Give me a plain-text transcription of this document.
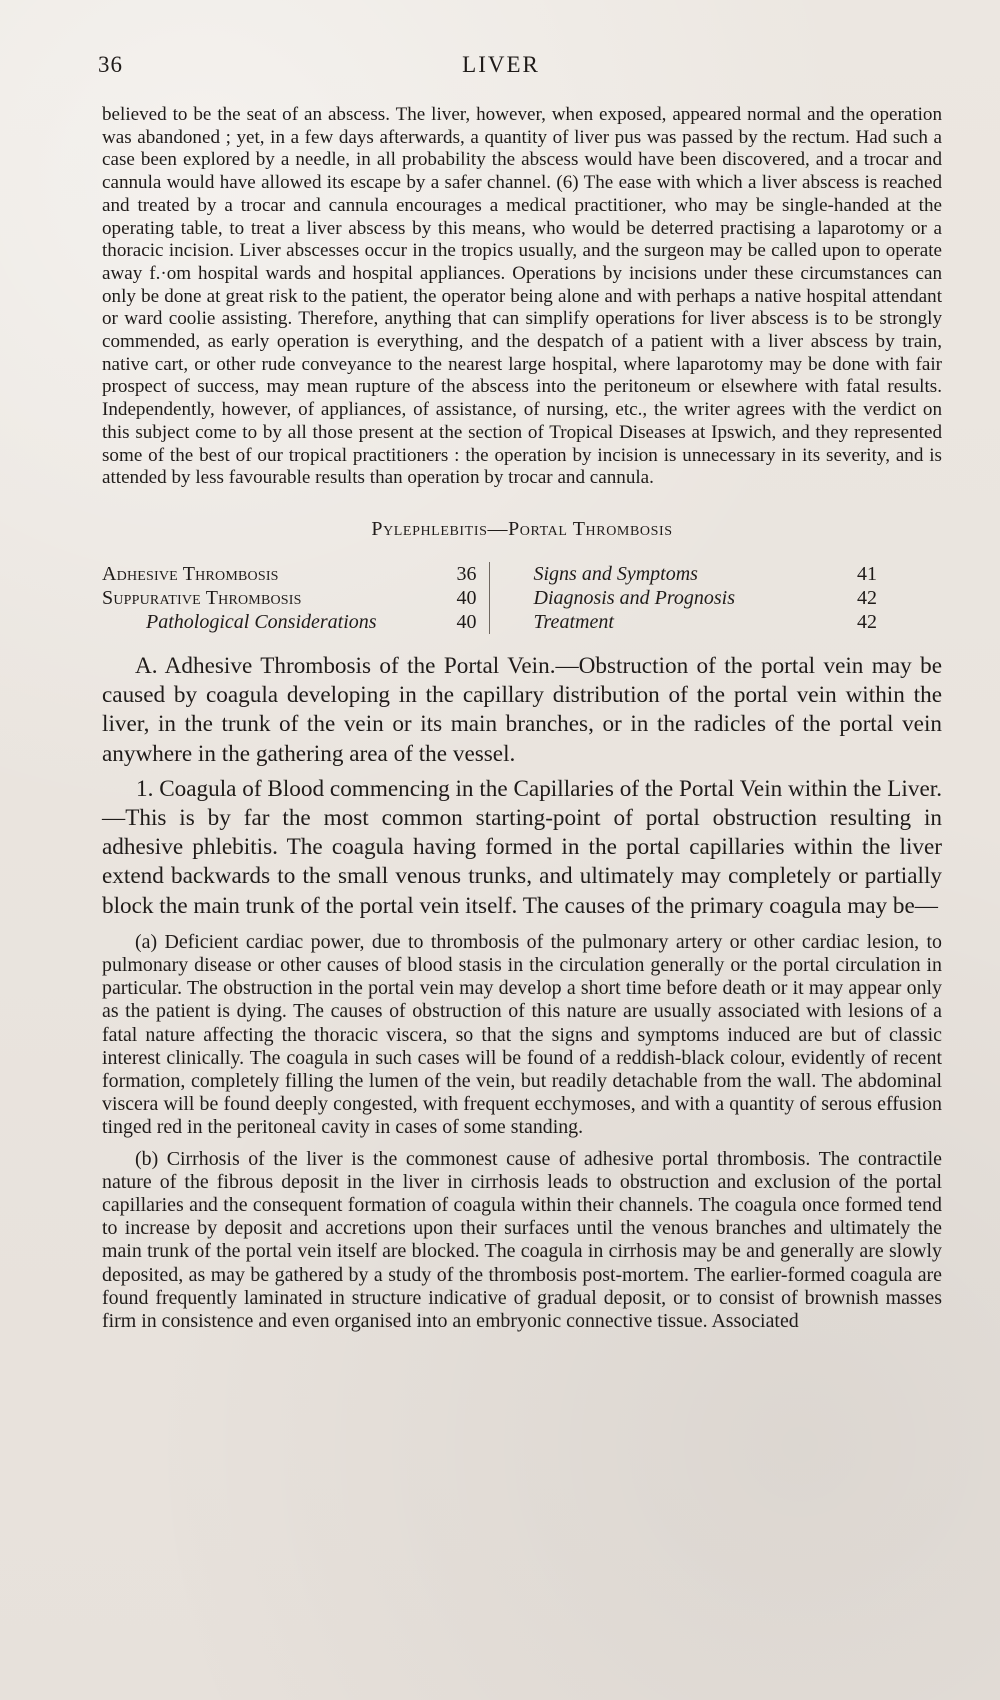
36	LIVER

believed to be the seat of an abscess. The liver, however, when exposed, appeared normal and the operation was abandoned ; yet, in a few days afterwards, a quantity of liver pus was passed by the rectum. Had such a case been explored by a needle, in all probability the abscess would have been discovered, and a trocar and cannula would have allowed its escape by a safer channel. (6) The ease with which a liver abscess is reached and treated by a trocar and cannula encourages a medical practitioner, who may be single-handed at the operating table, to treat a liver abscess by this means, who would be deterred practising a laparotomy or a thoracic incision. Liver abscesses occur in the tropics usually, and the surgeon may be called upon to operate away f.·om hospital wards and hospital appliances. Operations by incisions under these circumstances can only be done at great risk to the patient, the operator being alone and with perhaps a native hospital attendant or ward coolie assisting. Therefore, anything that can simplify operations for liver abscess is to be strongly commended, as early operation is everything, and the despatch of a patient with a liver abscess by train, native cart, or other rude conveyance to the nearest large hospital, where laparotomy may be done with fair prospect of success, may mean rupture of the abscess into the peritoneum or elsewhere with fatal results. Independently, however, of appliances, of assistance, of nursing, etc., the writer agrees with the verdict on this subject come to by all those present at the section of Tropical Diseases at Ipswich, and they represented some of the best of our tropical practitioners : the operation by incision is unnecessary in its severity, and is attended by less favourable results than operation by trocar and cannula.

Pylephlebitis—Portal Thrombosis
Adhesive Thrombosis	36
Suppurative Thrombosis	40
Pathological Considerations	40
Signs and Symptoms	41
Diagnosis and Prognosis	42
Treatment	42

A. Adhesive Thrombosis of the Portal Vein.—Obstruction of the portal vein may be caused by coagula developing in the capillary distribution of the portal vein within the liver, in the trunk of the vein or its main branches, or in the radicles of the portal vein anywhere in the gathering area of the vessel.

1. Coagula of Blood commencing in the Capillaries of the Portal Vein within the Liver.—This is by far the most common starting-point of portal obstruction resulting in adhesive phlebitis. The coagula having formed in the portal capillaries within the liver extend backwards to the small venous trunks, and ultimately may completely or partially block the main trunk of the portal vein itself. The causes of the primary coagula may be—

(a) Deficient cardiac power, due to thrombosis of the pulmonary artery or other cardiac lesion, to pulmonary disease or other causes of blood stasis in the circulation generally or the portal circulation in particular. The obstruction in the portal vein may develop a short time before death or it may appear only as the patient is dying. The causes of obstruction of this nature are usually associated with lesions of a fatal nature affecting the thoracic viscera, so that the signs and symptoms induced are but of classic interest clinically. The coagula in such cases will be found of a reddish-black colour, evidently of recent formation, completely filling the lumen of the vein, but readily detachable from the wall. The abdominal viscera will be found deeply congested, with frequent ecchymoses, and with a quantity of serous effusion tinged red in the peritoneal cavity in cases of some standing.

(b) Cirrhosis of the liver is the commonest cause of adhesive portal thrombosis. The contractile nature of the fibrous deposit in the liver in cirrhosis leads to obstruction and exclusion of the portal capillaries and the consequent formation of coagula within their channels. The coagula once formed tend to increase by deposit and accretions upon their surfaces until the venous branches and ultimately the main trunk of the portal vein itself are blocked. The coagula in cirrhosis may be and generally are slowly deposited, as may be gathered by a study of the thrombosis post-mortem. The earlier-formed coagula are found frequently laminated in structure indicative of gradual deposit, or to consist of brownish masses firm in consistence and even organised into an embryonic connective tissue. Associated
